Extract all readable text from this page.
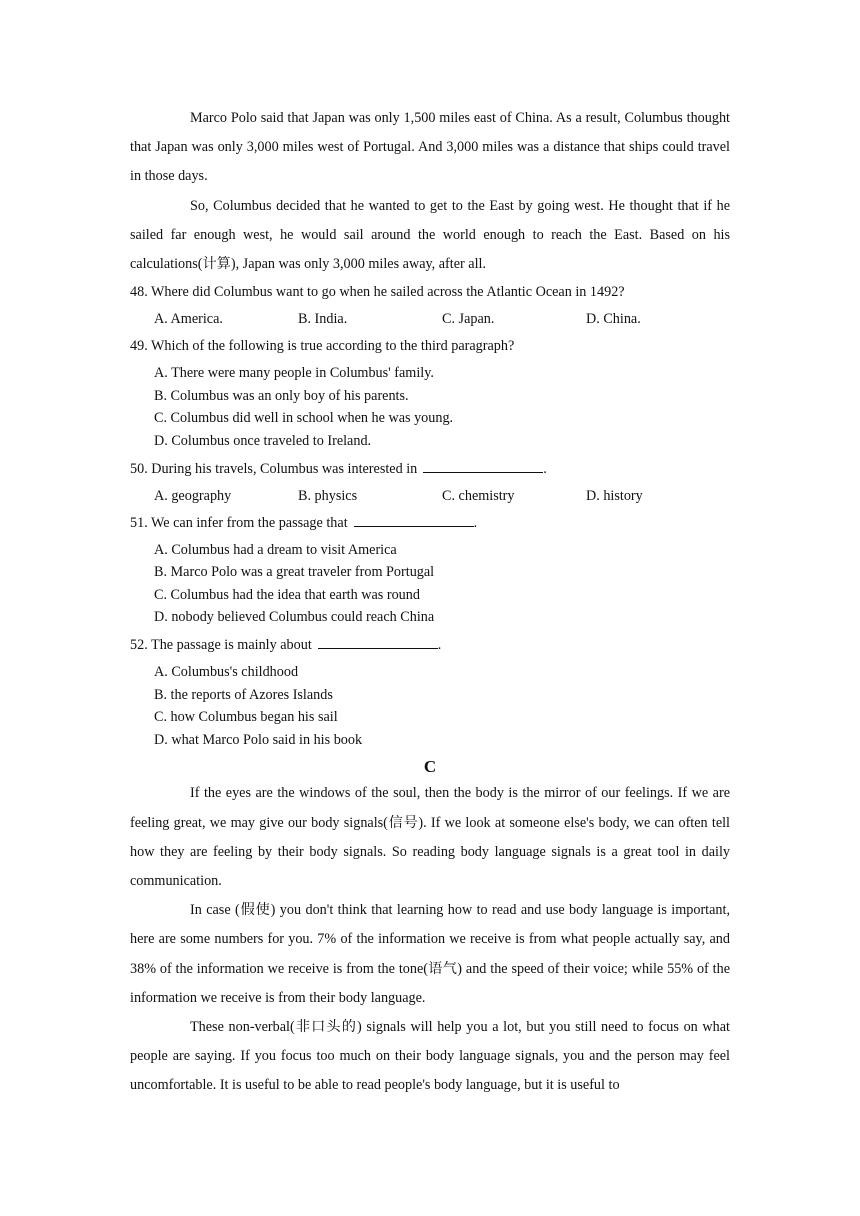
Marco Polo said that Japan was only 1,500 miles east of China. As a result, Columbus thought that Japan was only 3,000 miles west of Portugal. And 3,000 miles was a distance that ships could travel in those days.

So, Columbus decided that he wanted to get to the East by going west. He thought that if he sailed far enough west, he would sail around the world enough to reach the East. Based on his calculations(计算), Japan was only 3,000 miles away, after all.

48. Where did Columbus want to go when he sailed across the Atlantic Ocean in 1492?

A. America.	B. India.	C. Japan.	D. China.

49. Which of the following is true according to the third paragraph?

A. There were many people in Columbus' family.
B. Columbus was an only boy of his parents.
C. Columbus did well in school when he was young.
D. Columbus once traveled to Ireland.

50. During his travels, Columbus was interested in	.

A. geography	B. physics	C. chemistry	D. history

51. We can infer from the passage that	.

A. Columbus had a dream to visit America
B. Marco Polo was a great traveler from Portugal
C. Columbus had the idea that earth was round
D. nobody believed Columbus could reach China

52. The passage is mainly about	.

A. Columbus's childhood
B. the reports of Azores Islands
C. how Columbus began his sail
D. what Marco Polo said in his book
C

If the eyes are the windows of the soul, then the body is the mirror of our feelings. If we are feeling great, we may give our body signals(信号). If we look at someone else's body, we can often tell how they are feeling by their body signals. So reading body language signals is a great tool in daily communication.

In case (假使) you don't think that learning how to read and use body language is important, here are some numbers for you. 7% of the information we receive is from what people actually say, and 38% of the information we receive is from the tone(语气) and the speed of their voice; while 55% of the information we receive is from their body language.

These non-verbal(非口头的) signals will help you a lot, but you still need to focus on what people are saying. If you focus too much on their body language signals, you and the person may feel uncomfortable. It is useful to be able to read people's body language, but it is useful to
